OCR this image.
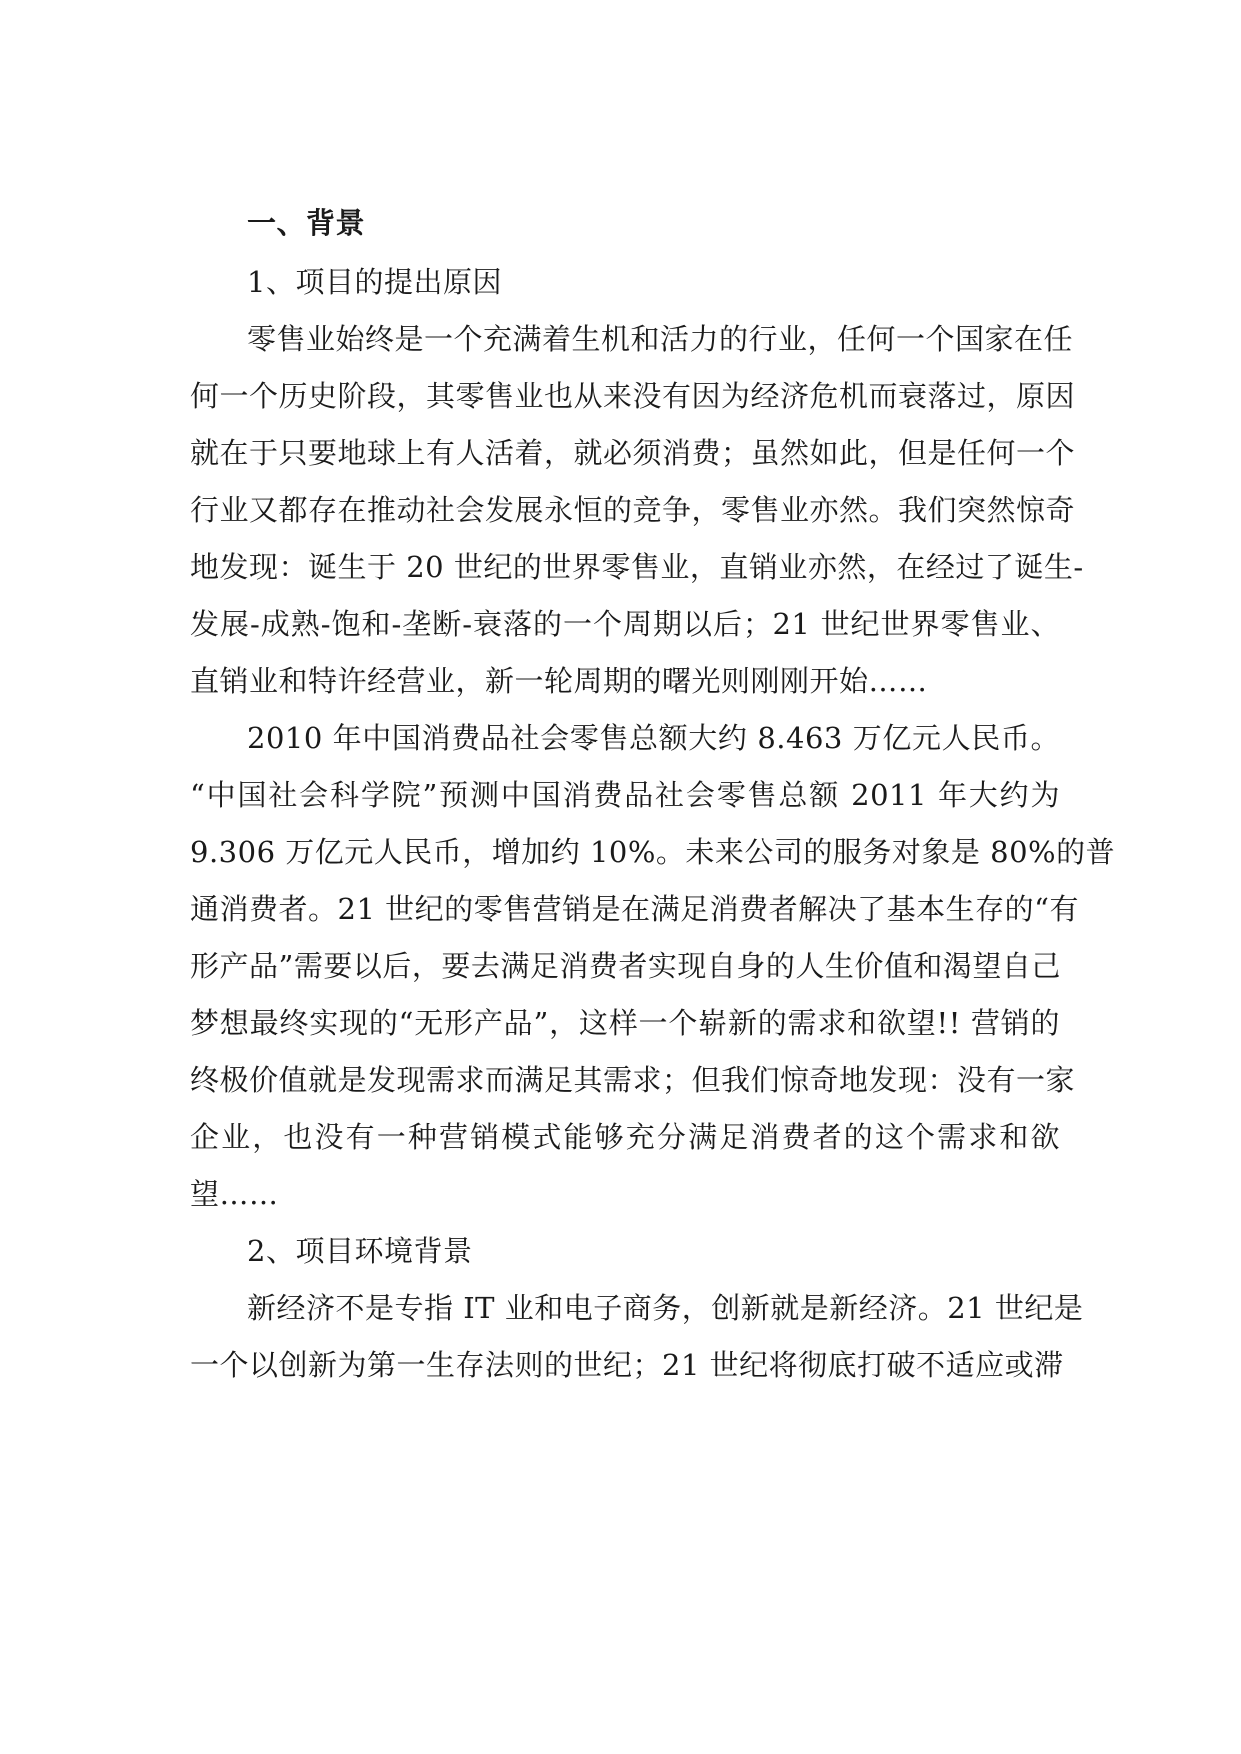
一、背景
1、项目的提出原因
零售业始终是一个充满着生机和活力的行业，任何一个国家在任
何一个历史阶段，其零售业也从来没有因为经济危机而衰落过，原因
就在于只要地球上有人活着，就必须消费；虽然如此，但是任何一个
行业又都存在推动社会发展永恒的竞争，零售业亦然。我们突然惊奇
地发现：诞生于 20 世纪的世界零售业，直销业亦然，在经过了诞生-
发展-成熟-饱和-垄断-衰落的一个周期以后；21 世纪世界零售业、
直销业和特许经营业，新一轮周期的曙光则刚刚开始……
2010 年中国消费品社会零售总额大约 8.463 万亿元人民币。
“中国社会科学院”预测中国消费品社会零售总额 2011 年大约为
9.306 万亿元人民币，增加约 10%。未来公司的服务对象是 80%的普
通消费者。21 世纪的零售营销是在满足消费者解决了基本生存的“有
形产品”需要以后，要去满足消费者实现自身的人生价值和渴望自己
梦想最终实现的“无形产品”，这样一个崭新的需求和欲望!! 营销的
终极价值就是发现需求而满足其需求；但我们惊奇地发现：没有一家
企业，也没有一种营销模式能够充分满足消费者的这个需求和欲
望……
2、项目环境背景
新经济不是专指 IT 业和电子商务，创新就是新经济。21 世纪是
一个以创新为第一生存法则的世纪；21 世纪将彻底打破不适应或滞
